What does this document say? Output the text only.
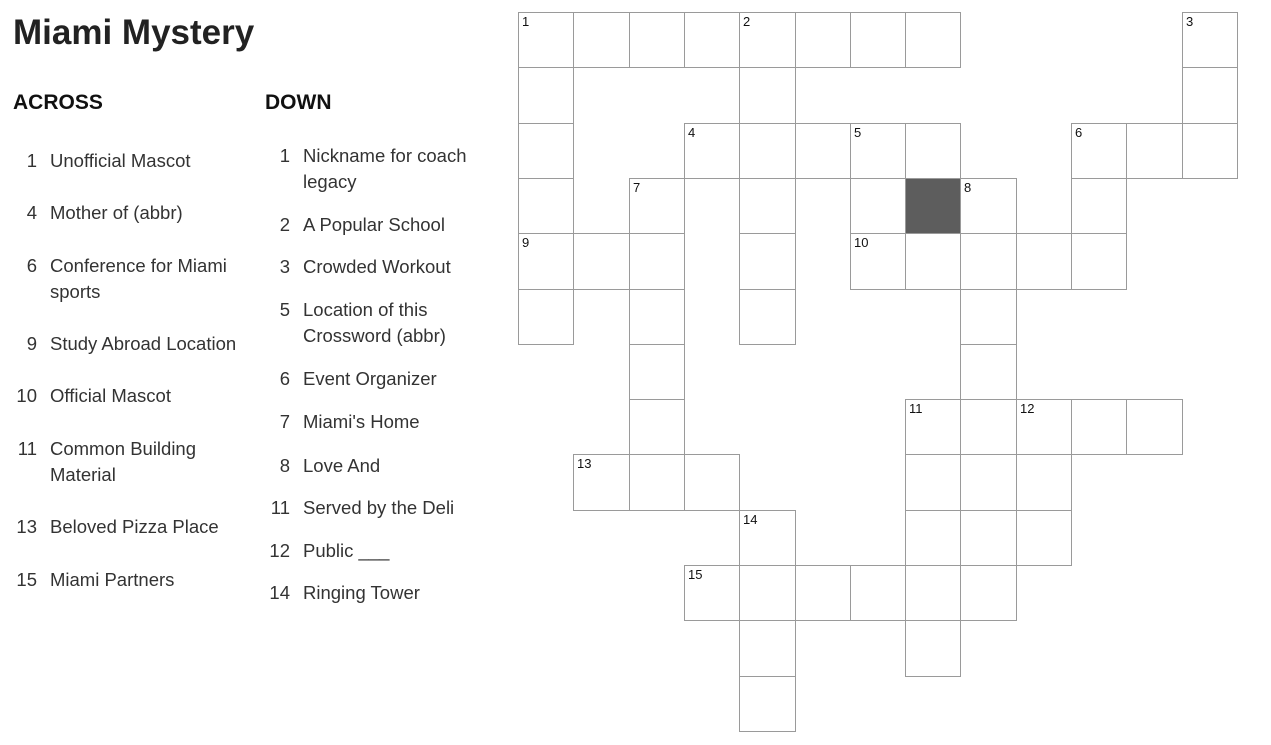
Miami Mystery
ACROSS	DOWN
1 Unofficial Mascot
4 Mother of (abbr)
6 Conference for Miami sports
9 Study Abroad Location
10 Official Mascot
11 Common Building Material
13 Beloved Pizza Place
15 Miami Partners
1 Nickname for coach legacy
2 A Popular School
3 Crowded Workout
5 Location of this Crossword (abbr)
6 Event Organizer
7 Miami's Home
8 Love And
11 Served by the Deli
12 Public ___
14 Ringing Tower
1	2	3
4	5	6
7	8
9	10
11	12
13
14
15
